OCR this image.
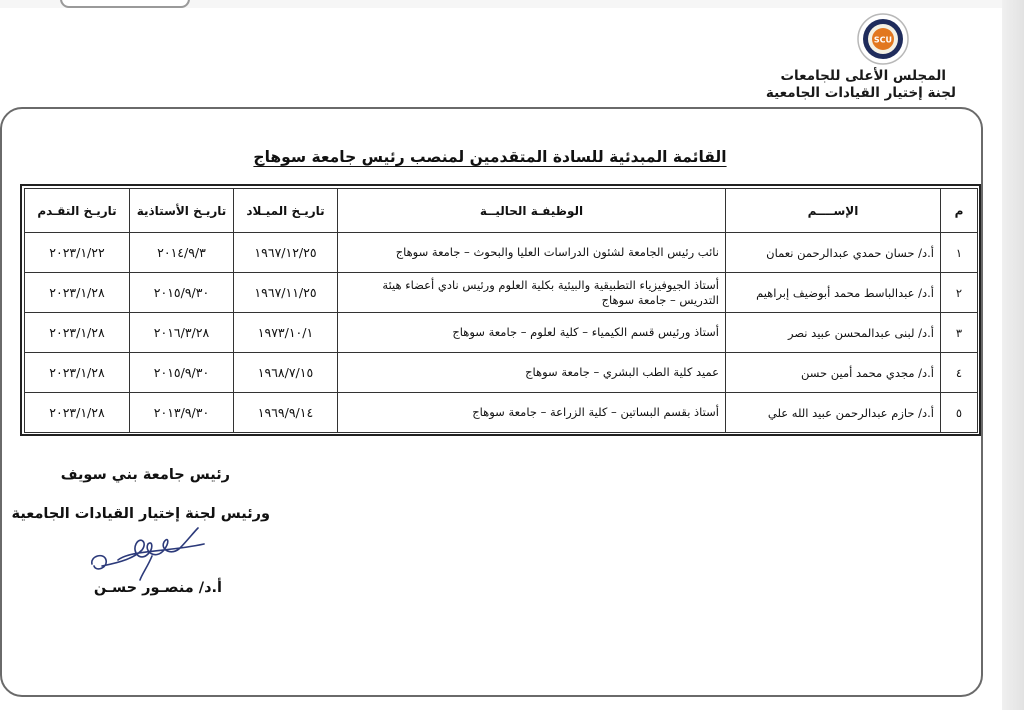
SCU
المجلس الأعلى للجامعات
لجنة إختيار القيادات الجامعية
القائمة المبدئية للسادة المتقدمين لمنصب رئيس جامعة سوهاج
م	الإســــم	الوظيفـة الحاليــة	تاريـخ الميـلاد	تاريـخ الأستاذية	تاريـخ التقـدم
١	أ.د/ حسان حمدي عبدالرحمن نعمان	نائب رئيس الجامعة لشئون الدراسات العليا والبحوث – جامعة سوهاج	١٩٦٧/١٢/٢٥	٢٠١٤/٩/٣	٢٠٢٣/١/٢٢
٢	أ.د/ عبدالباسط محمد أبوضيف إبراهيم	أستاذ الجيوفيزياء التطبيقية والبيئية بكلية العلوم ورئيس نادي أعضاء هيئة التدريس – جامعة سوهاج	١٩٦٧/١١/٢٥	٢٠١٥/٩/٣٠	٢٠٢٣/١/٢٨
٣	أ.د/ لبنى عبدالمحسن عبيد نصر	أستاذ ورئيس قسم الكيمياء – كلية لعلوم – جامعة سوهاج	١٩٧٣/١٠/١	٢٠١٦/٣/٢٨	٢٠٢٣/١/٢٨
٤	أ.د/ مجدي محمد أمين حسن	عميد كلية الطب البشري – جامعة سوهاج	١٩٦٨/٧/١٥	٢٠١٥/٩/٣٠	٢٠٢٣/١/٢٨
٥	أ.د/ حازم عبدالرحمن عبيد الله علي	أستاذ بقسم البساتين – كلية الزراعة – جامعة سوهاج	١٩٦٩/٩/١٤	٢٠١٣/٩/٣٠	٢٠٢٣/١/٢٨
رئيس جامعة بني سويف
ورئيس لجنة إختيار القيادات الجامعية
أ.د/ منصـور حسـن
